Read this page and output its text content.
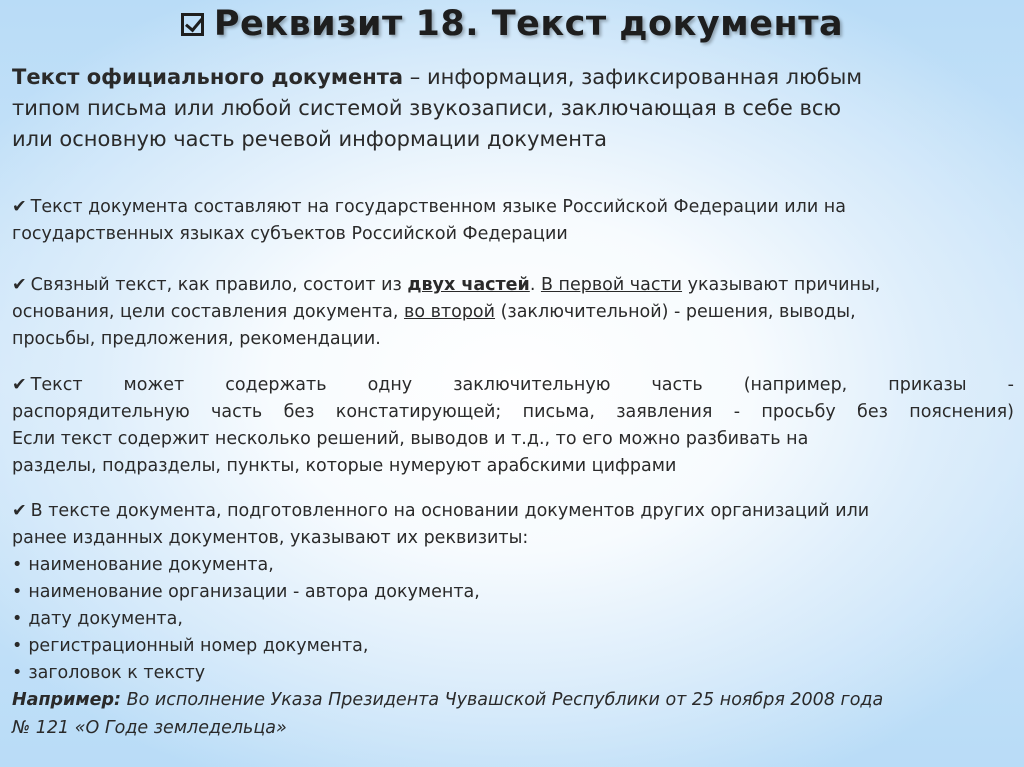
Реквизит 18. Текст документа
Текст официального документа – информация, зафиксированная любым
типом письма или любой системой звукозаписи, заключающая в себе всю
или основную часть речевой информации документа
✔ Текст документа составляют на государственном языке Российской Федерации или на
государственных языках субъектов Российской Федерации
✔ Связный текст, как правило, состоит из двух частей. В первой части указывают причины,
основания, цели составления документа, во второй (заключительной) - решения, выводы,
просьбы, предложения, рекомендации.
✔ Текст может содержать одну заключительную часть (например, приказы -
распорядительную часть без констатирующей; письма, заявления - просьбу без пояснения)
Если текст содержит несколько решений, выводов и т.д., то его можно разбивать на
разделы, подразделы, пункты, которые нумеруют арабскими цифрами
✔ В тексте документа, подготовленного на основании документов других организаций или
ранее изданных документов, указывают их реквизиты:
• наименование документа,
• наименование организации - автора документа,
• дату документа,
• регистрационный номер документа,
• заголовок к тексту
Например: Во исполнение Указа Президента Чувашской Республики от 25 ноября 2008 года
№ 121 «О Годе земледельца»
